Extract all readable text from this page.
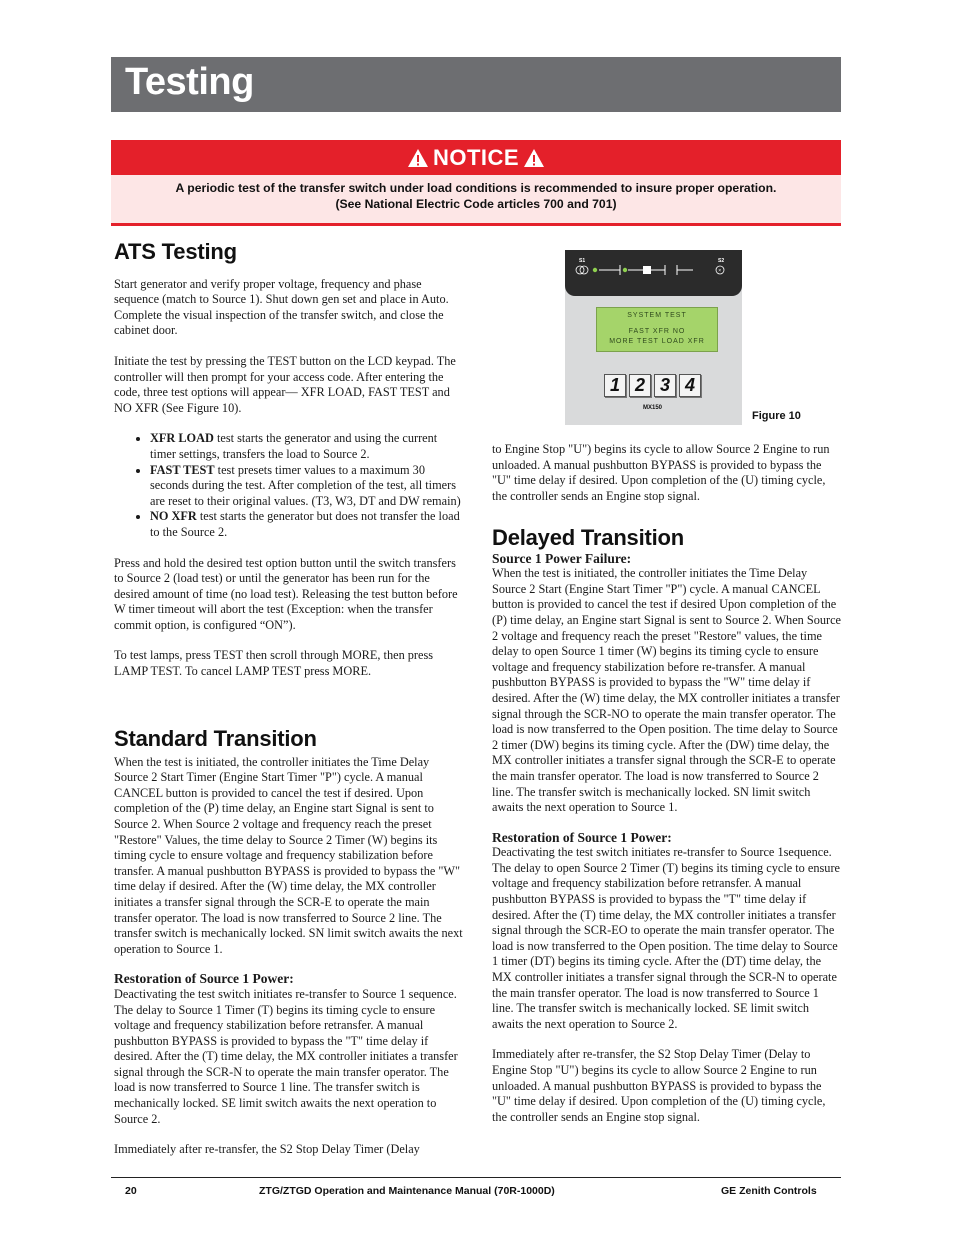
Testing
NOTICE
A periodic test of the transfer switch under load conditions is recommended to insure proper operation.
(See National Electric Code articles 700 and 701)
ATS Testing

Start generator and verify proper voltage, frequency and phase sequence (match to Source 1). Shut down gen set and place in Auto. Complete the visual inspection of the transfer switch, and close the cabinet door.

Initiate the test by pressing the TEST button on the LCD keypad. The controller will then prompt for your access code. After entering the code, three test options will appear— XFR LOAD, FAST TEST and NO XFR (See Figure 10).

• XFR LOAD test starts the generator and using the current timer settings, transfers the load to Source 2.
• FAST TEST test presets timer values to a maximum 30 seconds during the test. After completion of the test, all timers are reset to their original values. (T3, W3, DT and DW remain)
• NO XFR test starts the generator but does not transfer the load to the Source 2.

Press and hold the desired test option button until the switch transfers to Source 2 (load test) or until the generator has been run for the desired amount of time (no load test). Releasing the test button before W timer timeout will abort the test (Exception: when the transfer commit option, is configured “ON”).

To test lamps, press TEST then scroll through MORE, then press LAMP TEST. To cancel LAMP TEST press MORE.

Standard Transition

When the test is initiated, the controller initiates the Time Delay Source 2 Start Timer (Engine Start Timer "P") cycle. A manual CANCEL button is provided to cancel the test if desired. Upon completion of the (P) time delay, an Engine start Signal is sent to Source 2. When Source 2 voltage and frequency reach the preset "Restore" Values, the time delay to Source 2 Timer (W) begins its timing cycle to ensure voltage and frequency stabilization before transfer. A manual pushbutton BYPASS is provided to bypass the "W" time delay if desired. After the (W) time delay, the MX controller initiates a transfer signal through the SCR-E to operate the main transfer operator. The load is now transferred to Source 2 line. The transfer switch is mechanically locked. SN limit switch awaits the next operation to Source 1.

Restoration of Source 1 Power:

Deactivating the test switch initiates re-transfer to Source 1 sequence. The delay to Source 1 Timer (T) begins its timing cycle to ensure voltage and frequency stabilization before retransfer. A manual pushbutton BYPASS is provided to bypass the "T" time delay if desired. After the (T) time delay, the MX controller initiates a transfer signal through the SCR-N to operate the main transfer operator. The load is now transferred to Source 1 line. The transfer switch is mechanically locked. SE limit switch awaits the next operation to Source 2.

Immediately after re-transfer, the S2 Stop Delay Timer (Delay

S1	S2
×
SYSTEM TEST
FAST XFR NO
MORE TEST LOAD XFR
1 2 3 4
MX150
Figure 10

to Engine Stop "U") begins its cycle to allow Source 2 Engine to run unloaded. A manual pushbutton BYPASS is provided to bypass the "U" time delay if desired. Upon completion of the (U) timing cycle, the controller sends an Engine stop signal.

Delayed Transition
Source 1 Power Failure:

When the test is initiated, the controller initiates the Time Delay Source 2 Start (Engine Start Timer "P") cycle. A manual CANCEL button is provided to cancel the test if desired Upon completion of the (P) time delay, an Engine start Signal is sent to Source 2. When Source 2 voltage and frequency reach the preset "Restore" values, the time delay to open Source 1 timer (W) begins its timing cycle to ensure voltage and frequency stabilization before re-transfer. A manual pushbutton BYPASS is provided to bypass the "W" time delay if desired. After the (W) time delay, the MX controller initiates a transfer signal through the SCR-NO to operate the main transfer operator. The load is now transferred to the Open position. The time delay to Source 2 timer (DW) begins its timing cycle. After the (DW) time delay, the MX controller initiates a transfer signal through the SCR-E to operate the main transfer operator. The load is now transferred to Source 2 line. The transfer switch is mechanically locked. SN limit switch awaits the next operation to Source 1.

Restoration of Source 1 Power:

Deactivating the test switch initiates re-transfer to Source 1sequence. The delay to open Source 2 Timer (T) begins its timing cycle to ensure voltage and frequency stabilization before retransfer. A manual pushbutton BYPASS is provided to bypass the "T" time delay if desired. After the (T) time delay, the MX controller initiates a transfer signal through the SCR-EO to operate the main transfer operator. The load is now transferred to the Open position. The time delay to Source 1 timer (DT) begins its timing cycle. After the (DT) time delay, the MX controller initiates a transfer signal through the SCR-N to operate the main transfer operator. The load is now transferred to Source 1 line. The transfer switch is mechanically locked. SE limit switch awaits the next operation to Source 2.

Immediately after re-transfer, the S2 Stop Delay Timer (Delay to Engine Stop "U") begins its cycle to allow Source 2 Engine to run unloaded. A manual pushbutton BYPASS is provided to bypass the "U" time delay if desired. Upon completion of the (U) timing cycle, the controller sends an Engine stop signal.

20	ZTG/ZTGD Operation and Maintenance Manual (70R-1000D)	GE Zenith Controls
